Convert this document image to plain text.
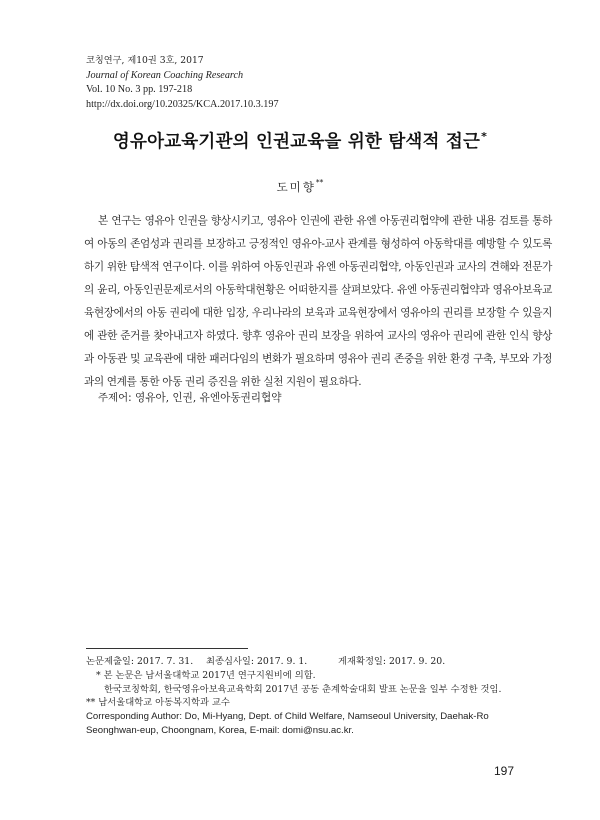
코칭연구, 제10권 3호, 2017
Journal of Korean Coaching Research
Vol. 10 No. 3 pp. 197-218
http://dx.doi.org/10.20325/KCA.2017.10.3.197
영유아교육기관의 인권교육을 위한 탐색적 접근*
도미향**

본 연구는 영유아 인권을 향상시키고, 영유아 인권에 관한 유엔 아동권리협약에 관한 내용 검토를 통하여 아동의 존엄성과 권리를 보장하고 긍정적인 영유아-교사 관계를 형성하여 아동학대를 예방할 수 있도록 하기 위한 탐색적 연구이다. 이를 위하여 아동인권과 유엔 아동권리협약, 아동인권과 교사의 견해와 전문가의 윤리, 아동인권문제로서의 아동학대현황은 어떠한지를 살펴보았다. 유엔 아동권리협약과 영유아보육교육현장에서의 아동 권리에 대한 입장, 우리나라의 보육과 교육현장에서 영유아의 권리를 보장할 수 있을지에 관한 준거를 찾아내고자 하였다. 향후 영유아 권리 보장을 위하여 교사의 영유아 권리에 관한 인식 향상과 아동관 및 교육관에 대한 패러다임의 변화가 필요하며 영유아 권리 존중을 위한 환경 구축, 부모와 가정과의 연계를 통한 아동 권리 증진을 위한 실천 지원이 필요하다.

주제어: 영유아, 인권, 유엔아동권리협약
논문제출일: 2017. 7. 31. 최종심사일: 2017. 9. 1.	게재확정일: 2017. 9. 20.
* 본 논문은 남서울대학교 2017년 연구지원비에 의함.
한국코칭학회, 한국영유아보육교육학회 2017년 공동 춘계학술대회 발표 논문을 일부 수정한 것임.
** 남서울대학교 아동복지학과 교수
Corresponding Author: Do, Mi-Hyang, Dept. of Child Welfare, Namseoul University, Daehak-Ro
Seonghwan-eup, Choongnam, Korea, E-mail: domi@nsu.ac.kr.
197
